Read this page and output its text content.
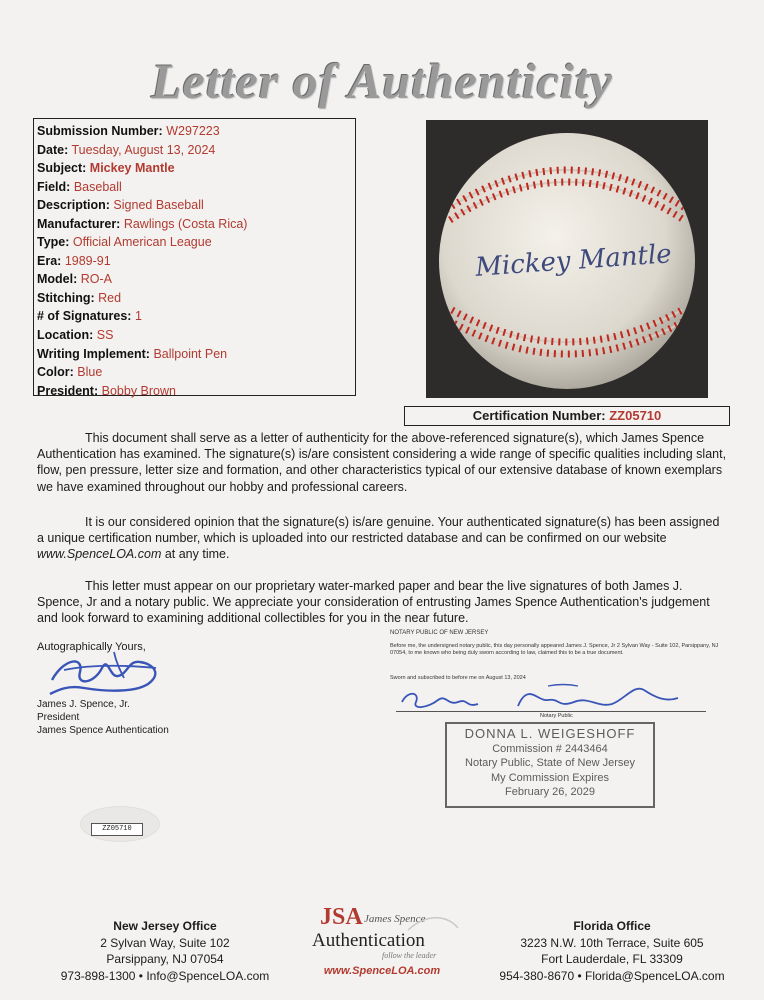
Letter of Authenticity
Submission Number: W297223
Date: Tuesday, August 13, 2024
Subject: Mickey Mantle
Field: Baseball
Description: Signed Baseball
Manufacturer: Rawlings (Costa Rica)
Type: Official American League
Era: 1989-91
Model: RO-A
Stitching: Red
# of Signatures: 1
Location: SS
Writing Implement: Ballpoint Pen
Color: Blue
President: Bobby Brown
Mickey Mantle
Certification Number: ZZ05710

This document shall serve as a letter of authenticity for the above-referenced signature(s), which James Spence Authentication has examined. The signature(s) is/are consistent considering a wide range of specific qualities including slant, flow, pen pressure, letter size and formation, and other characteristics typical of our extensive database of known exemplars we have examined throughout our hobby and professional careers.

It is our considered opinion that the signature(s) is/are genuine. Your authenticated signature(s) has been assigned a unique certification number, which is uploaded into our restricted database and can be confirmed on our website www.SpenceLOA.com at any time.

This letter must appear on our proprietary water-marked paper and bear the live signatures of both James J. Spence, Jr and a notary public. We appreciate your consideration of entrusting James Spence Authentication's judgement and look forward to examining additional collectibles for you in the near future.

Autographically Yours,
James J. Spence, Jr.
President
James Spence Authentication
NOTARY PUBLIC OF NEW JERSEY
Before me, the undersigned notary public, this day personally appeared James J. Spence, Jr 2 Sylvan Way - Suite 102, Parsippany, NJ 07054, to me known who being duly sworn according to law, claimed this to be a true document.
Sworn and subscribed to before me on August 13, 2024
Notary Public
DONNA L. WEIGESHOFF
Commission # 2443464
Notary Public, State of New Jersey
My Commission Expires
February 26, 2029
ZZ05710
New Jersey Office
2 Sylvan Way, Suite 102
Parsippany, NJ 07054
973-898-1300 • Info@SpenceLOA.com
JSA James Spence
Authentication
follow the leader
www.SpenceLOA.com
Florida Office
3223 N.W. 10th Terrace, Suite 605
Fort Lauderdale, FL 33309
954-380-8670 • Florida@SpenceLOA.com
